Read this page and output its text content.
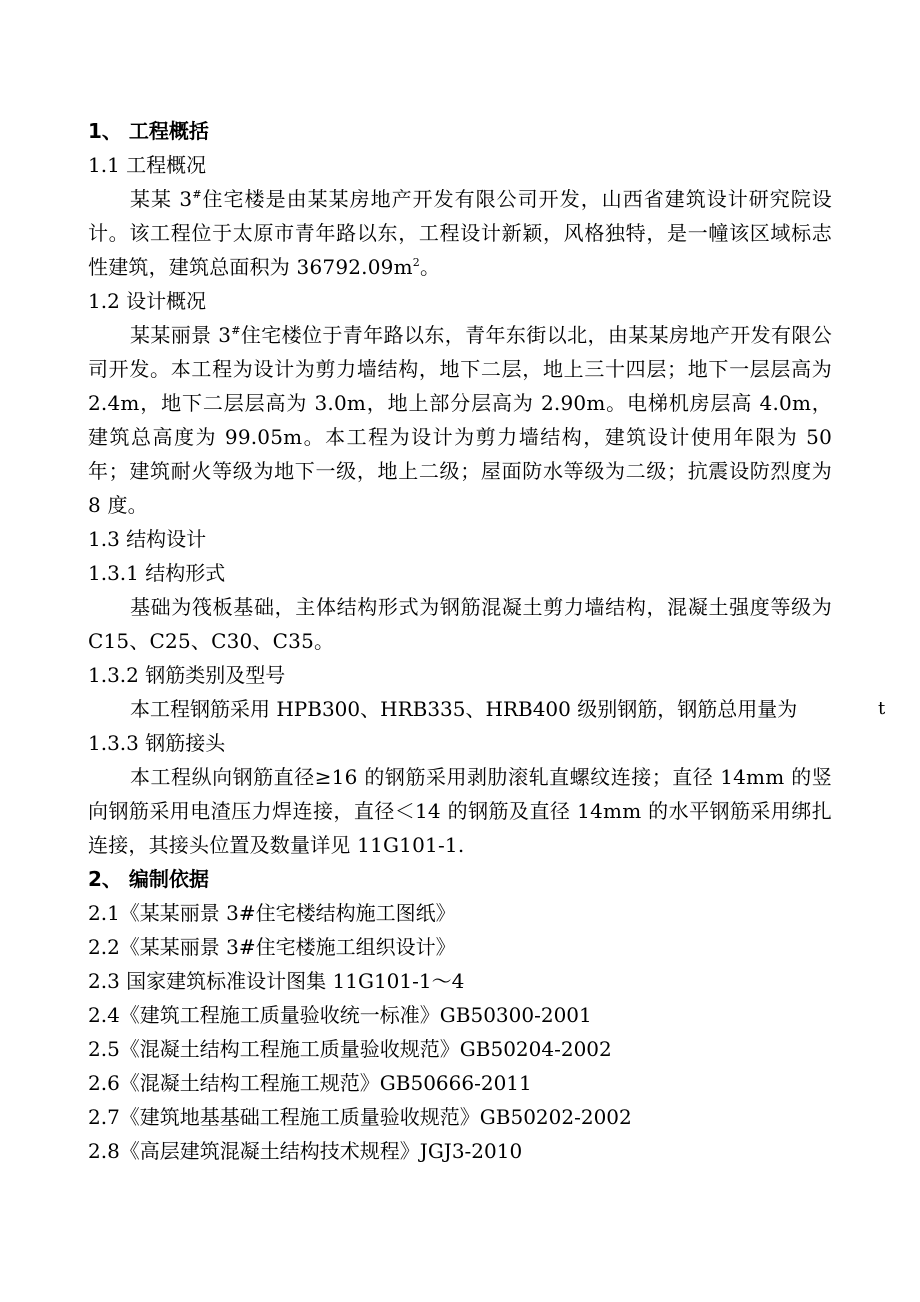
1、 工程概括
1.1 工程概况
某某 3#住宅楼是由某某房地产开发有限公司开发，山西省建筑设计研究院设计。该工程位于太原市青年路以东，工程设计新颖，风格独特，是一幢该区域标志性建筑，建筑总面积为 $36792.09m^2$。
1.2 设计概况
某某丽景 3#住宅楼位于青年路以东，青年东街以北，由某某房地产开发有限公司开发。本工程为设计为剪力墙结构，地下二层，地上三十四层；地下一层层高为 2.4m，地下二层层高为 3.0m，地上部分层高为 2.90m。电梯机房层高 4.0m， 建筑总高度为 99.05m。本工程为设计为剪力墙结构，建筑设计使用年限为 50 年；建筑耐火等级为地下一级，地上二级；屋面防水等级为二级；抗震设防烈度为 8 度。
1.3 结构设计
1.3.1 结构形式
基础为筏板基础，主体结构形式为钢筋混凝土剪力墙结构，混凝土强度等级为 C15、C25、C30、C35。
1.3.2 钢筋类别及型号
本工程钢筋采用 HPB300、HRB335、HRB400 级别钢筋，钢筋总用量为	t
1.3.3 钢筋接头
本工程纵向钢筋直径≥16 的钢筋采用剥肋滚轧直螺纹连接；直径 14mm 的竖向钢筋采用电渣压力焊连接，直径＜14 的钢筋及直径 14mm 的水平钢筋采用绑扎连接，其接头位置及数量详见 11G101-1.
2、 编制依据
2.1《某某丽景 3#住宅楼结构施工图纸》
2.2《某某丽景 3#住宅楼施工组织设计》
2.3 国家建筑标准设计图集 11G101-1～4
2.4《建筑工程施工质量验收统一标准》GB50300-2001
2.5《混凝土结构工程施工质量验收规范》GB50204-2002
2.6《混凝土结构工程施工规范》GB50666-2011
2.7《建筑地基基础工程施工质量验收规范》GB50202-2002
2.8《高层建筑混凝土结构技术规程》JGJ3-2010
